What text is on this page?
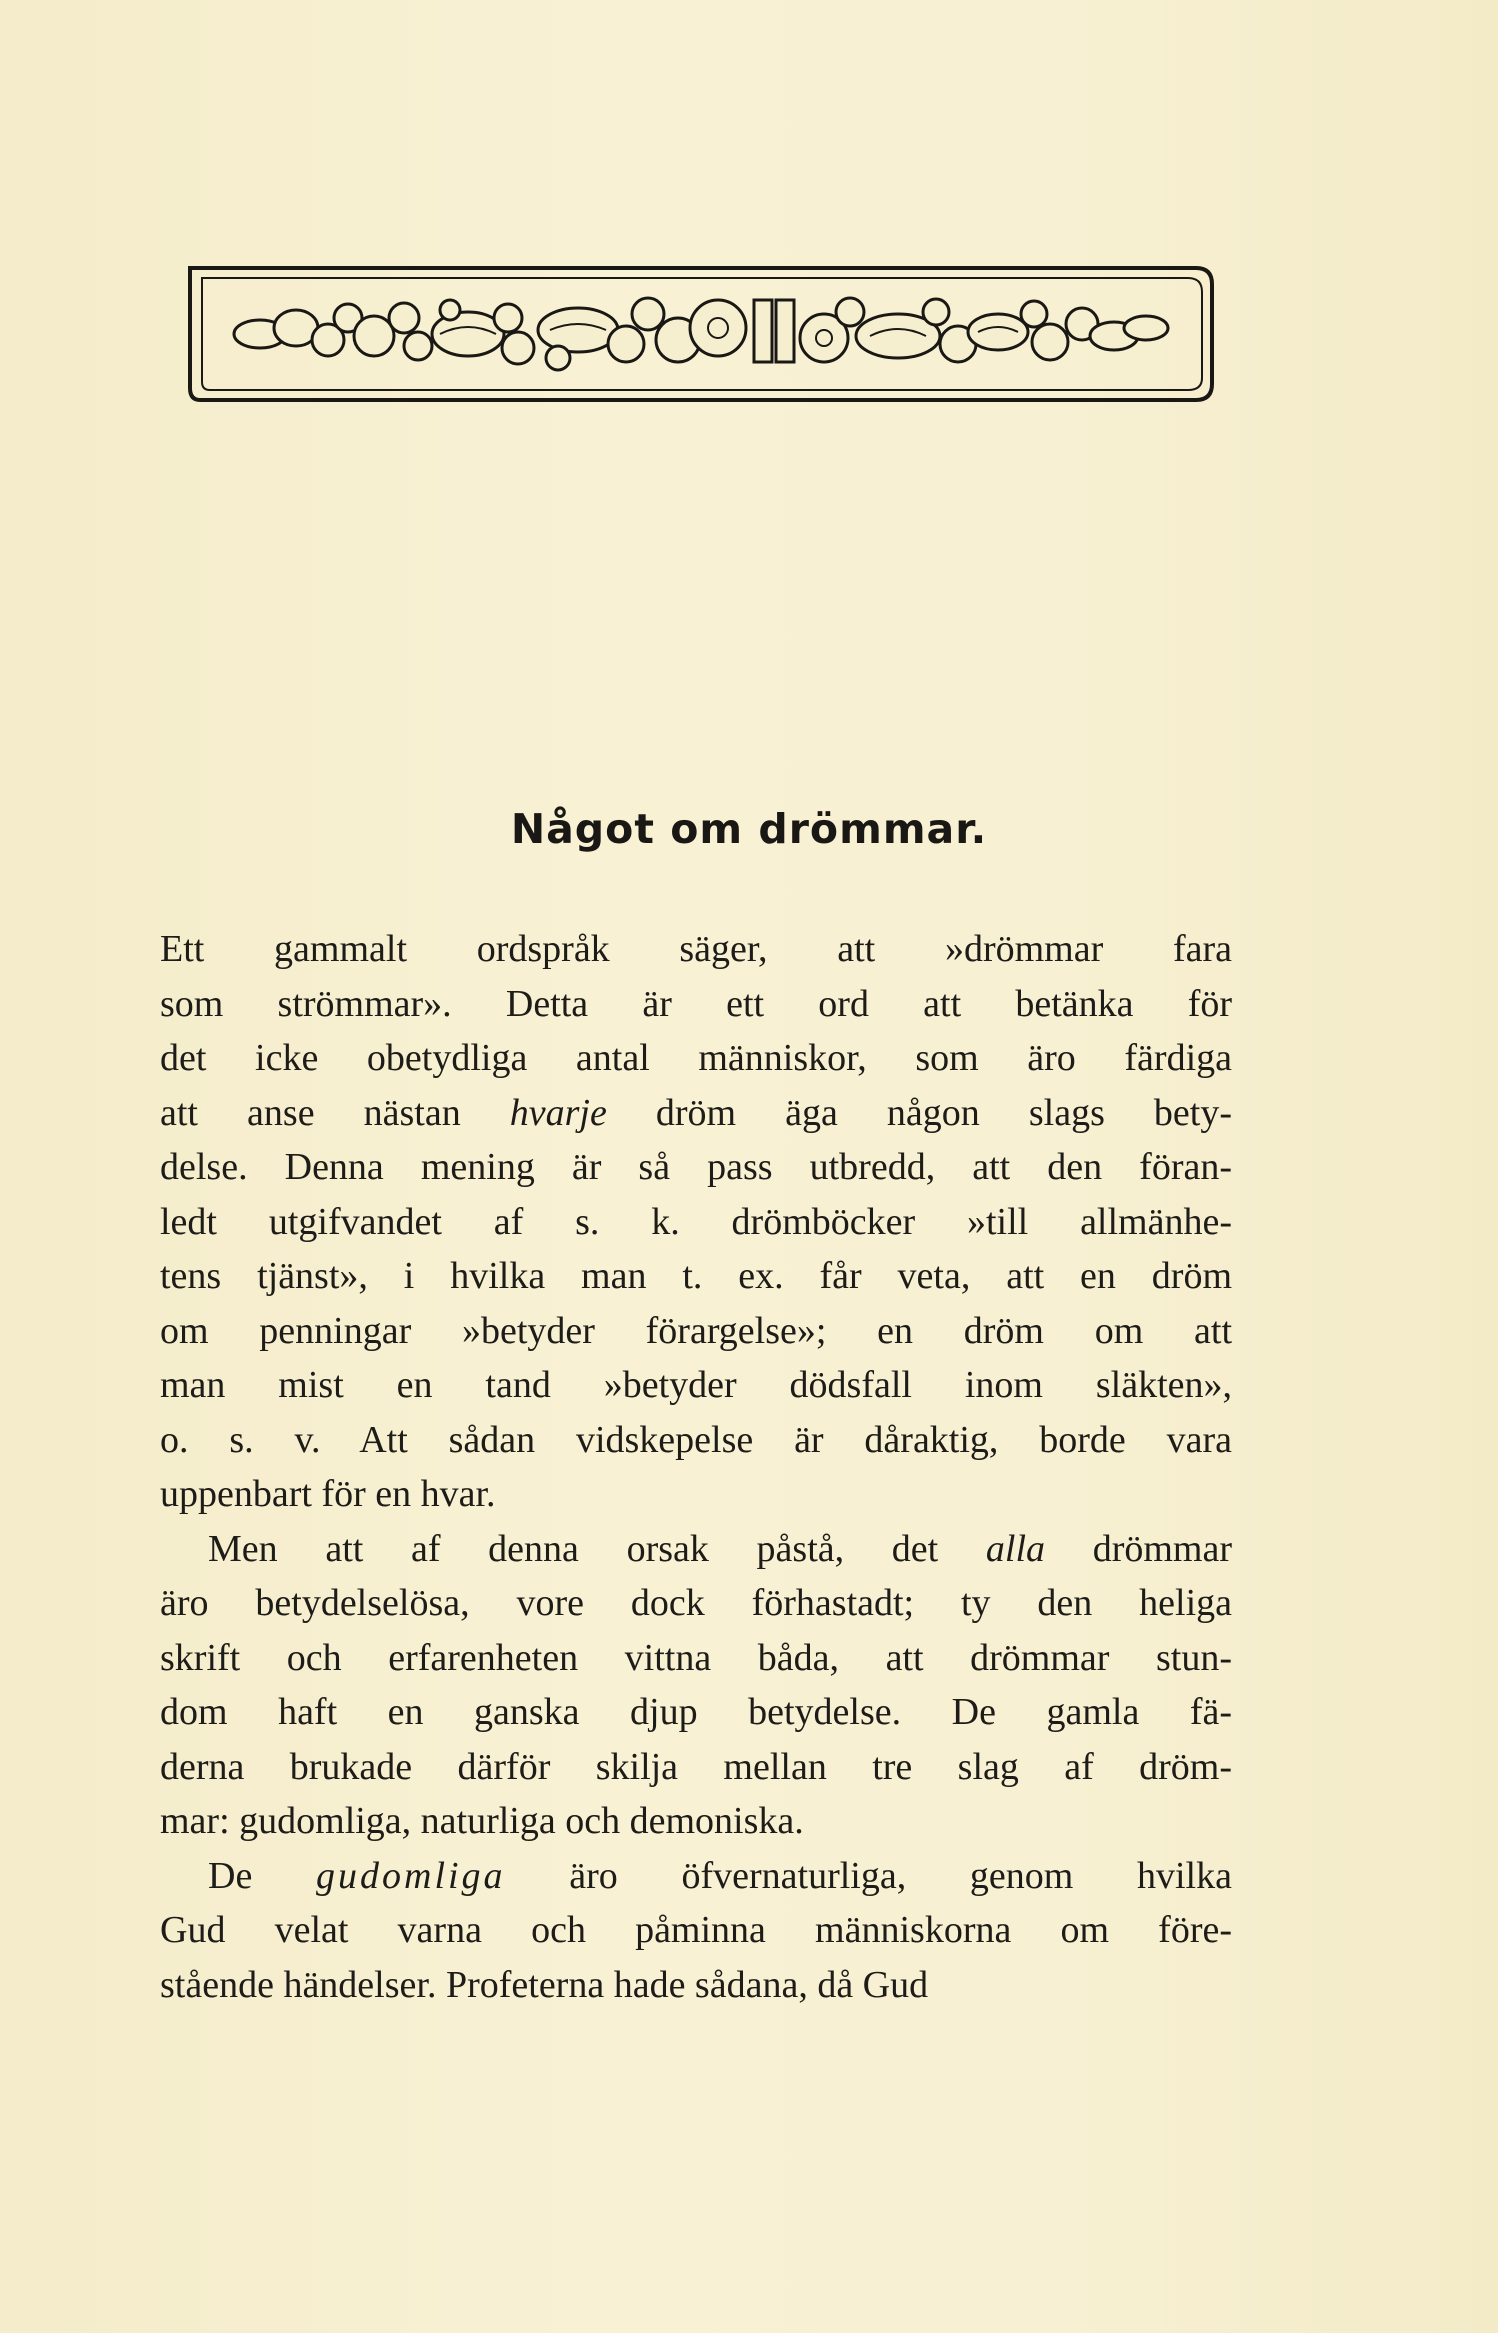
Något om drömmar.
Ett gammalt ordspråk säger, att »drömmar fara
som strömmar». Detta är ett ord att betänka för
det icke obetydliga antal människor, som äro färdiga
att anse nästan hvarje dröm äga någon slags bety-
delse. Denna mening är så pass utbredd, att den föran-
ledt utgifvandet af s. k. drömböcker »till allmänhe-
tens tjänst», i hvilka man t. ex. får veta, att en dröm
om penningar »betyder förargelse»; en dröm om att
man mist en tand »betyder dödsfall inom släkten»,
o. s. v. Att sådan vidskepelse är dåraktig, borde vara
uppenbart för en hvar.
Men att af denna orsak påstå, det alla drömmar
äro betydelselösa, vore dock förhastadt; ty den heliga
skrift och erfarenheten vittna båda, att drömmar stun-
dom haft en ganska djup betydelse. De gamla fä-
derna brukade därför skilja mellan tre slag af dröm-
mar: gudomliga, naturliga och demoniska.
De gudomliga äro öfvernaturliga, genom hvilka
Gud velat varna och påminna människorna om före-
stående händelser. Profeterna hade sådana, då Gud
